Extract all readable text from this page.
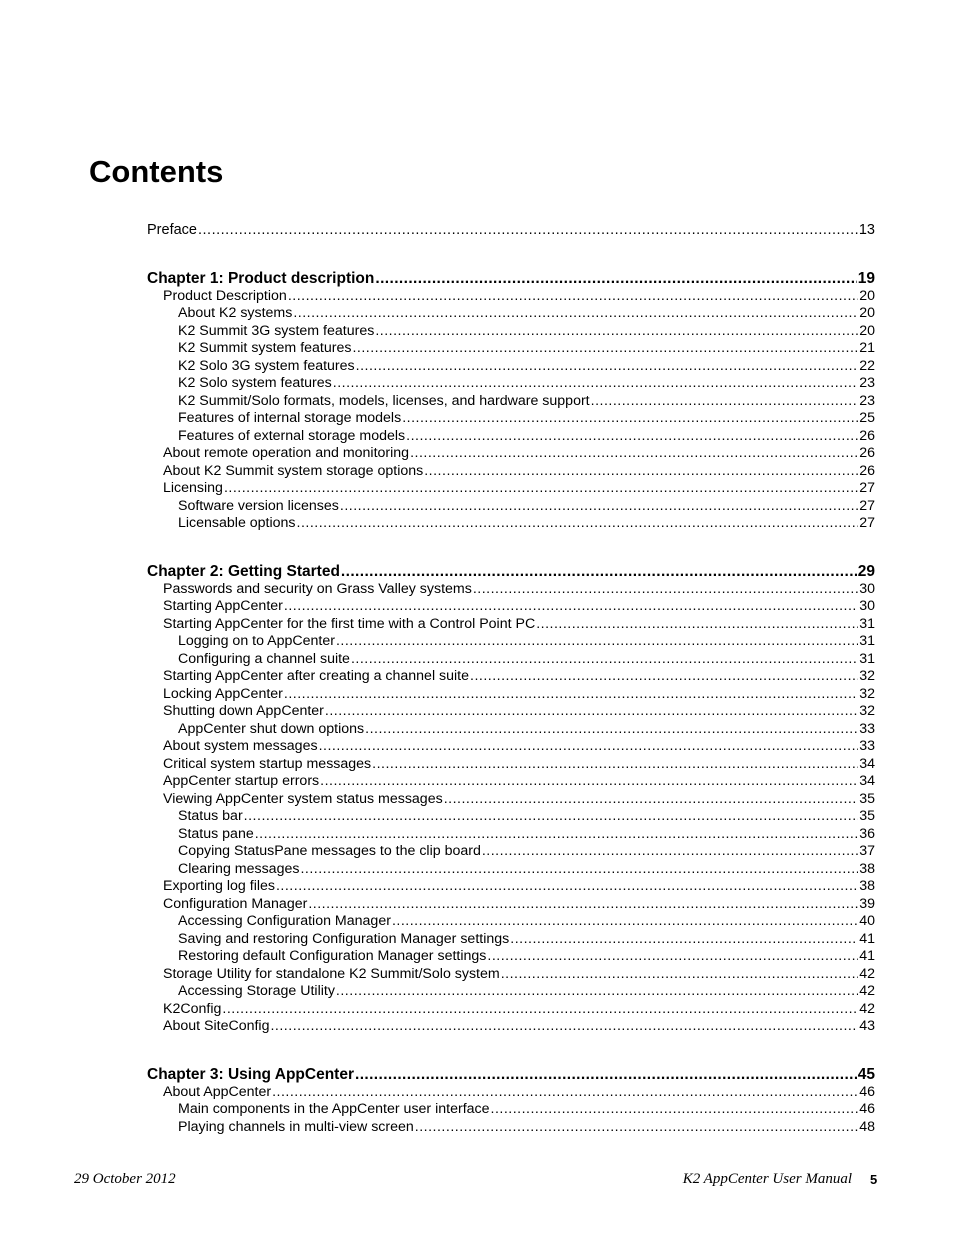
Contents
Preface .....	13
Chapter 1: Product description .....	19
Product Description .....	20
About K2 systems .....	20
K2 Summit 3G system features .....	20
K2 Summit system features .....	21
K2 Solo 3G system features .....	22
K2 Solo system features .....	23
K2 Summit/Solo formats, models, licenses, and hardware support .....	23
Features of internal storage models .....	25
Features of external storage models .....	26
About remote operation and monitoring .....	26
About K2 Summit system storage options .....	26
Licensing .....	27
Software version licenses .....	27
Licensable options .....	27
Chapter 2: Getting Started .....	29
Passwords and security on Grass Valley systems .....	30
Starting AppCenter .....	30
Starting AppCenter for the first time with a Control Point PC .....	31
Logging on to AppCenter .....	31
Configuring a channel suite .....	31
Starting AppCenter after creating a channel suite .....	32
Locking AppCenter .....	32
Shutting down AppCenter .....	32
AppCenter shut down options .....	33
About system messages .....	33
Critical system startup messages .....	34
AppCenter startup errors .....	34
Viewing AppCenter system status messages .....	35
Status bar .....	35
Status pane .....	36
Copying StatusPane messages to the clip board .....	37
Clearing messages .....	38
Exporting log files .....	38
Configuration Manager .....	39
Accessing Configuration Manager .....	40
Saving and restoring Configuration Manager settings .....	41
Restoring default Configuration Manager settings .....	41
Storage Utility for standalone K2 Summit/Solo system .....	42
Accessing Storage Utility .....	42
K2Config .....	42
About SiteConfig .....	43
Chapter 3: Using AppCenter .....	45
About AppCenter .....	46
Main components in the AppCenter user interface .....	46
Playing channels in multi-view screen .....	48
29 October 2012	K2 AppCenter User Manual 5
